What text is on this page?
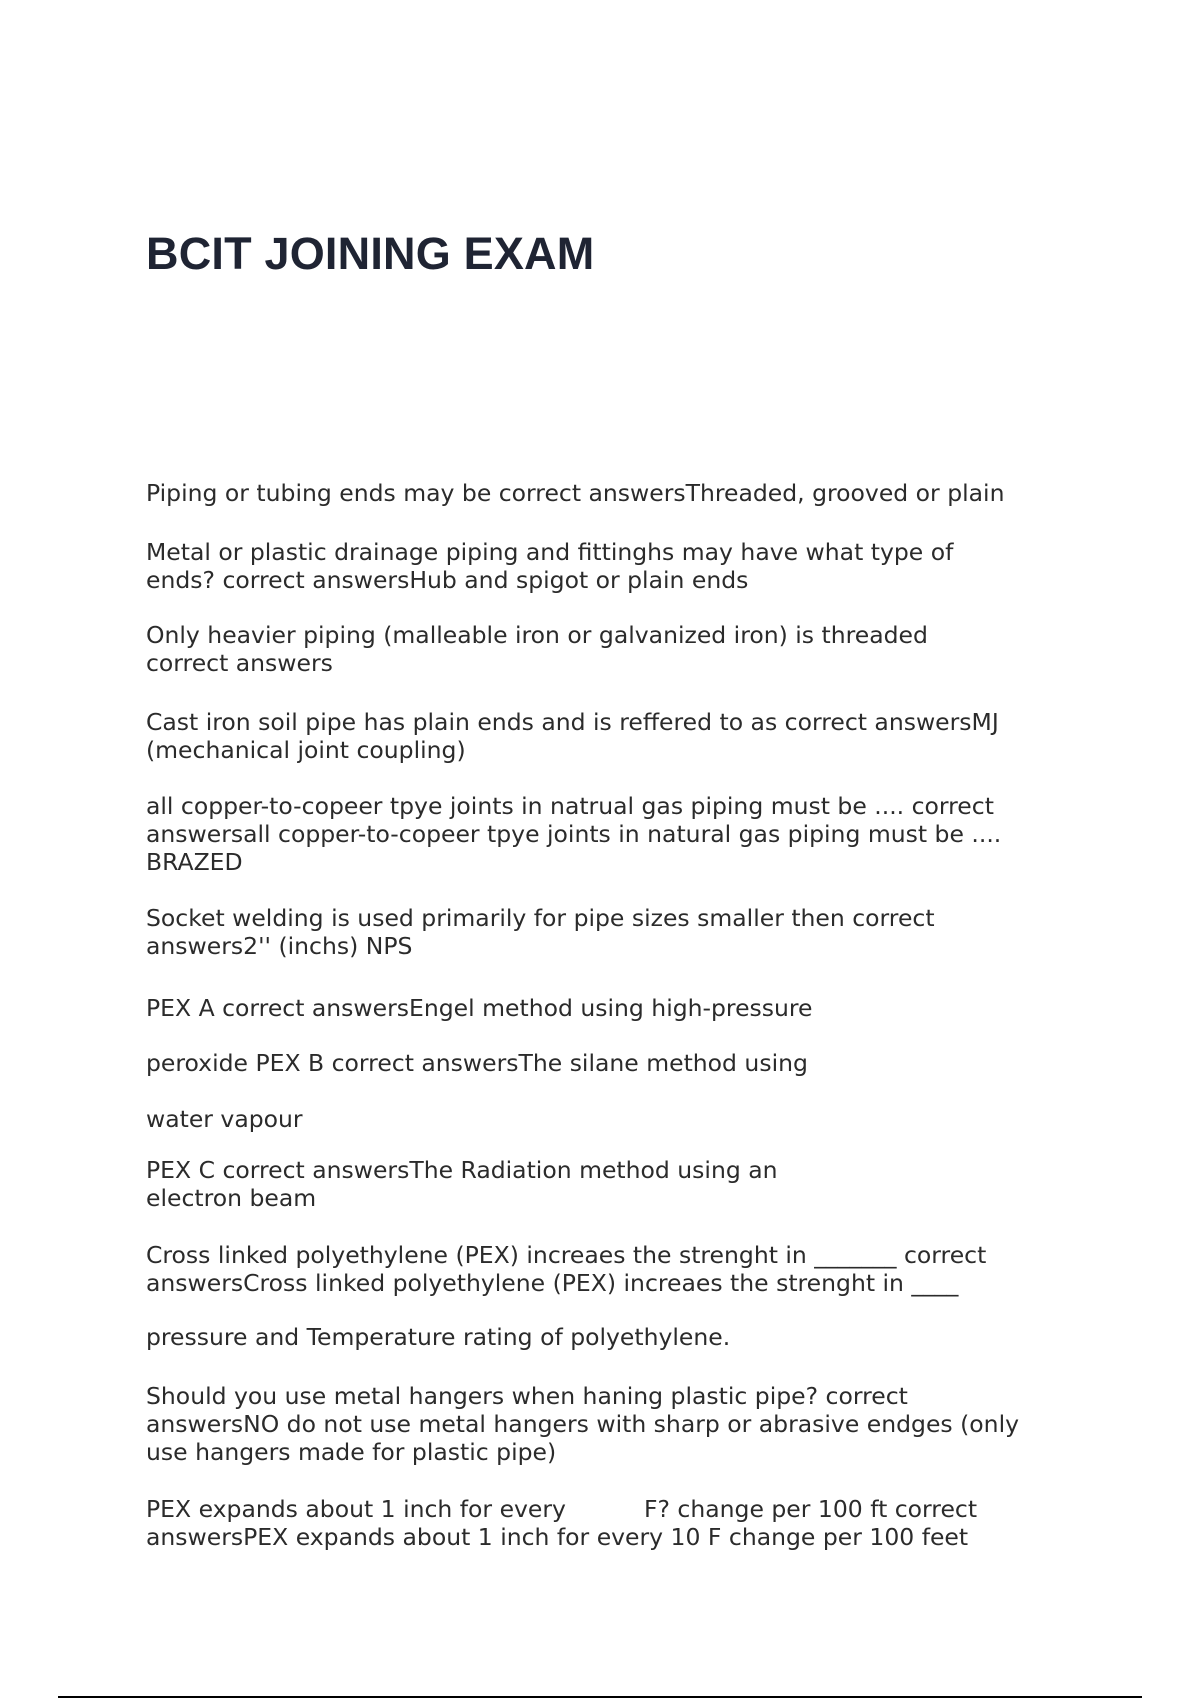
BCIT JOINING EXAM

Piping or tubing ends may be correct answersThreaded, grooved or plain

Metal or plastic drainage piping and fittinghs may have what type of
ends? correct answersHub and spigot or plain ends

Only heavier piping (malleable iron or galvanized iron) is threaded
correct answers

Cast iron soil pipe has plain ends and is reffered to as correct answersMJ
(mechanical joint coupling)

all copper-to-copeer tpye joints in natrual gas piping must be .... correct
answersall copper-to-copeer tpye joints in natural gas piping must be ....
BRAZED

Socket welding is used primarily for pipe sizes smaller then correct
answers2'' (inchs) NPS

PEX A correct answersEngel method using high-pressure

peroxide PEX B correct answersThe silane method using

water vapour

PEX C correct answersThe Radiation method using an
electron beam

Cross linked polyethylene (PEX) increaes the strenght in _______ correct
answersCross linked polyethylene (PEX) increaes the strenght in ____

pressure and Temperature rating of polyethylene.

Should you use metal hangers when haning plastic pipe? correct
answersNO do not use metal hangers with sharp or abrasive endges (only
use hangers made for plastic pipe)

PEX expands about 1 inch for every	F? change per 100 ft correct
answersPEX expands about 1 inch for every 10 F change per 100 feet
